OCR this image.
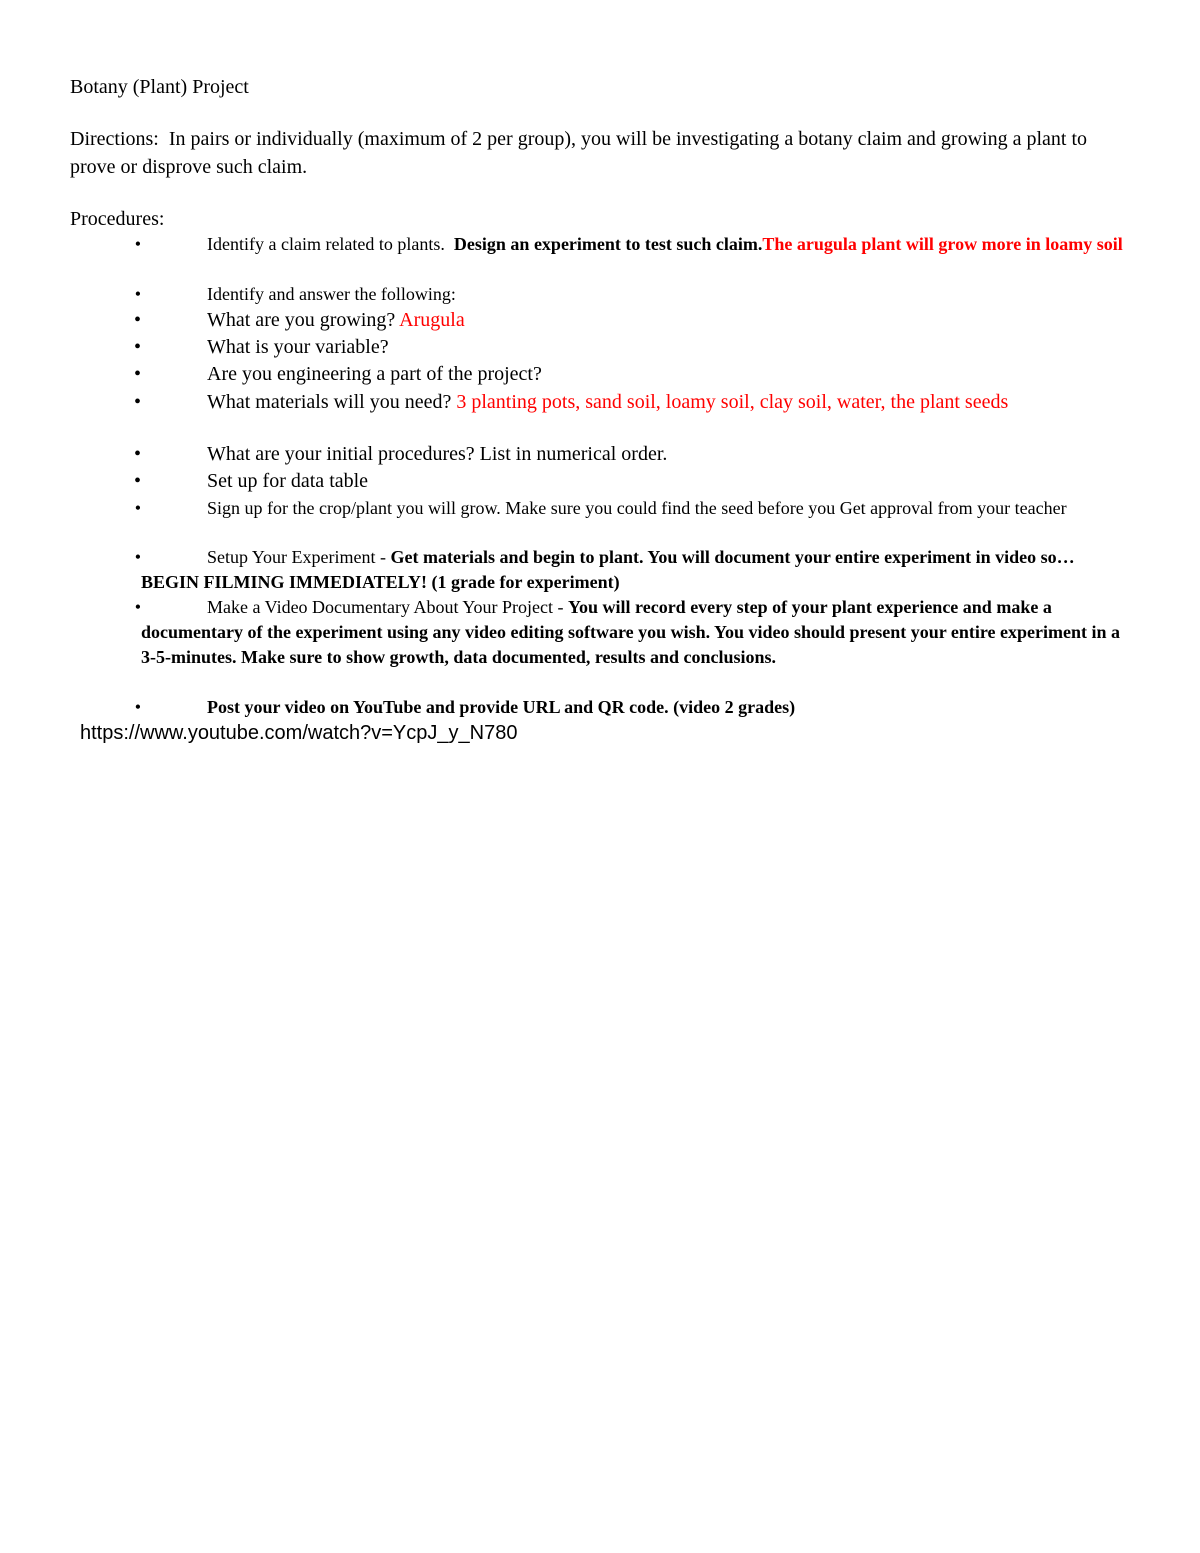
Botany (Plant) Project
Directions: In pairs or individually (maximum of 2 per group), you will be investigating a botany claim and growing a plant to prove or disprove such claim.
Procedures:
•	Identify a claim related to plants. Design an experiment to test such claim.The arugula plant will grow more in loamy soil
•	Identify and answer the following:
•	What are you growing? Arugula
•	What is your variable?
•	Are you engineering a part of the project?
•	What materials will you need? 3 planting pots, sand soil, loamy soil, clay soil, water, the plant seeds
•	What are your initial procedures? List in numerical order.
•	Set up for data table
•	Sign up for the crop/plant you will grow. Make sure you could find the seed before you Get approval from your teacher
•	Setup Your Experiment - Get materials and begin to plant. You will document your entire experiment in video so… BEGIN FILMING IMMEDIATELY! (1 grade for experiment)
•	Make a Video Documentary About Your Project - You will record every step of your plant experience and make a documentary of the experiment using any video editing software you wish. You video should present your entire experiment in a 3-5-minutes. Make sure to show growth, data documented, results and conclusions.
•	Post your video on YouTube and provide URL and QR code. (video 2 grades)
https://www.youtube.com/watch?v=YcpJ_y_N780
